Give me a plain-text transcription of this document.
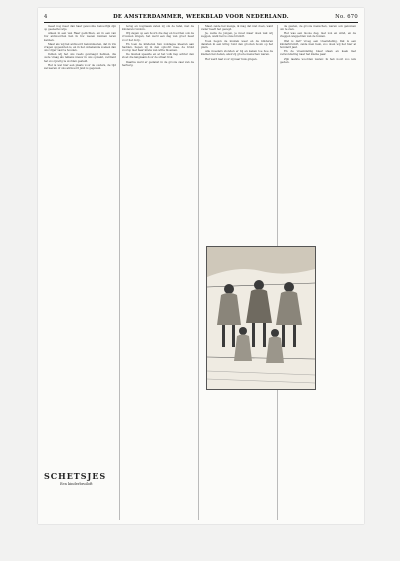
4	DE AMSTERDAMMER, WEEKBLAD VOOR NEDERLAND.	No. 670

meed nog meer dan haar gewoonte bekoorlijk zijn op geenerlei wijs.

Alleen in een van Haar gedichten, en in een van Uw antwoorden heb ik Uw wezen kunnen leren kennen.

Maar als wij het antwoord bekommeren, dat in Uw vragen opgesloten is, en in het onbekende zoeken dan ons vrijer vast te houden.

Indien wij het ons reeds gevraagd hebben, die oude vraag als telkens nieuw in ons opwekt, verdient het zoo ijverig te worden gesteld.

Het is wel hier een plaats voor de ouders, de tijd zal leeren of ons antwoord juist is gegeven.

terug en nogmaals zaten zij om de tafel, met de kinderen rondom.

Wij zagen op een hoorn die dag en hoorden ook de vrouwen zingen, het werd een dag van groot feest voor het dorp.

En toen de kinderen hun zondagse kleeren aan hadden, liepen zij in den optocht mee, de bruid voorop met haar krans van witte bloemen.

De muziek speelde en al het volk liep achter den stoet die langzaam door de straat trok.

Daarna werd er gedanst in de groote zaal van de herberg.

Maar, zeide het meisje, ik mag dat niet doen, want vader heeft het gezegd.

Ja, zeide de jongen, je moet maar doen wat wij zeggen, want het is onze bruiloft.

Toen begon de muziek weer en de kinderen dansten in een kring rond den grooten boom op het plein.

Alle moeders stonden er bij en keken toe hoe de kleinen het deden, alsof zij groote menschen waren.

Het werd laat voor zij naar huis gingen.

de gasten, de groote menschen, waren ook gekomen om te zien.

Het was een mooie dag, met zon en wind, en de vlaggen wapperden van de huizen.

Wat is dat? vroeg een vreemdeling. Dat is een kinderbruiloft, zeide men hem, zoo doen wij het hier al honderd jaar.

En de vreemdeling bleef staan en keek met verwondering naar het kleine paar.

Zijn laatste woorden waren: ik heb nooit zoo iets gezien.

SCHETSJES
Een kinderbruiloft
